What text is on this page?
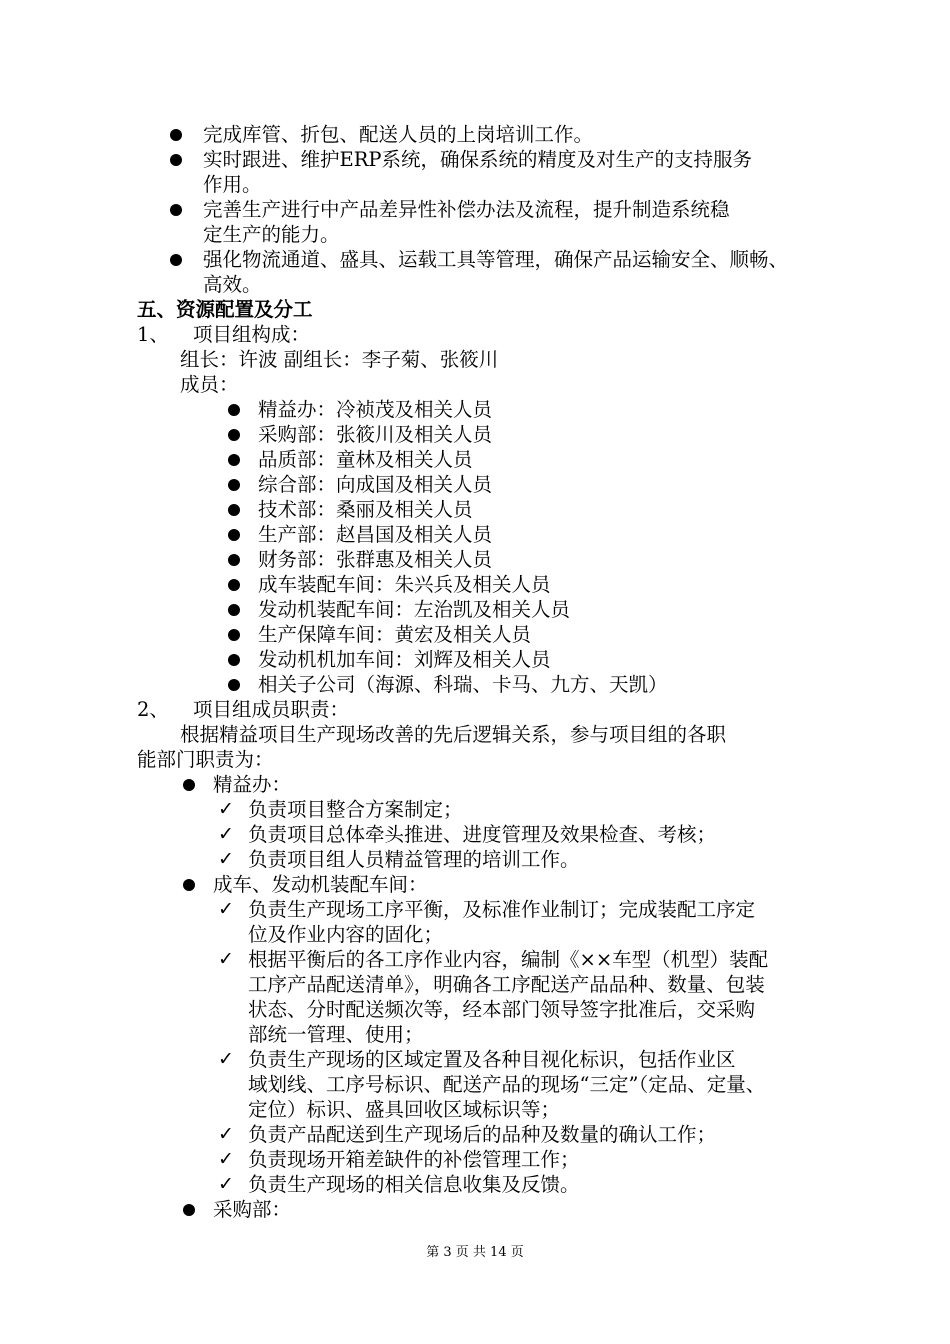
完成库管、折包、配送人员的上岗培训工作。
实时跟进、维护ERP系统，确保系统的精度及对生产的支持服务
作用。
完善生产进行中产品差异性补偿办法及流程，提升制造系统稳
定生产的能力。
强化物流通道、盛具、运载工具等管理，确保产品运输安全、顺畅、
高效。
五、资源配置及分工
1、 项目组构成：
组长：许波 副组长：李子菊、张筱川
成员：
精益办：冷祯茂及相关人员
采购部：张筱川及相关人员
品质部：童林及相关人员
综合部：向成国及相关人员
技术部：桑丽及相关人员
生产部：赵昌国及相关人员
财务部：张群惠及相关人员
成车装配车间：朱兴兵及相关人员
发动机装配车间：左治凯及相关人员
生产保障车间：黄宏及相关人员
发动机机加车间：刘辉及相关人员
相关子公司（海源、科瑞、卡马、九方、天凯）
2、 项目组成员职责：
根据精益项目生产现场改善的先后逻辑关系，参与项目组的各职
能部门职责为：
精益办：
✓ 负责项目整合方案制定；
✓ 负责项目总体牵头推进、进度管理及效果检查、考核；
✓ 负责项目组人员精益管理的培训工作。
成车、发动机装配车间：
✓ 负责生产现场工序平衡，及标准作业制订；完成装配工序定
位及作业内容的固化；
✓ 根据平衡后的各工序作业内容，编制《××车型（机型）装配
工序产品配送清单》，明确各工序配送产品品种、数量、包装
状态、分时配送频次等，经本部门领导签字批准后，交采购
部统一管理、使用；
✓ 负责生产现场的区域定置及各种目视化标识，包括作业区
域划线、工序号标识、配送产品的现场“三定”（定品、定量、
定位）标识、盛具回收区域标识等；
✓ 负责产品配送到生产现场后的品种及数量的确认工作；
✓ 负责现场开箱差缺件的补偿管理工作；
✓ 负责生产现场的相关信息收集及反馈。
采购部：
第 3 页 共 14 页
